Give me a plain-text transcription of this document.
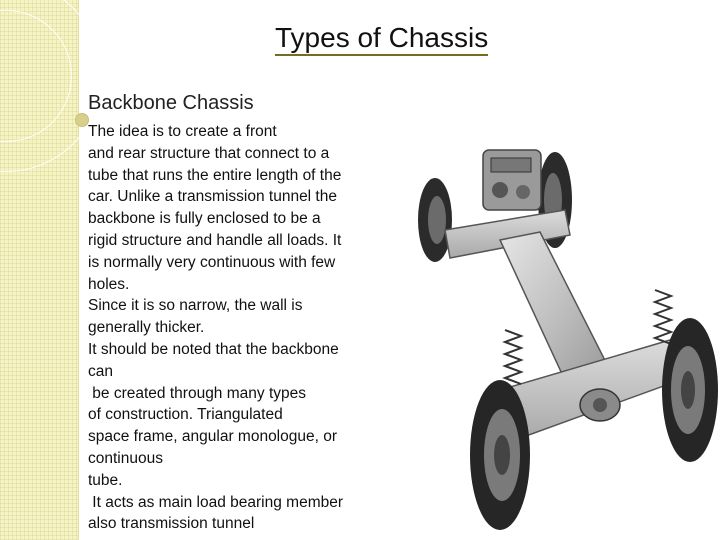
Types of Chassis
Backbone Chassis
The idea is to create a front
and rear structure that connect to a
tube that runs the entire length of the
car. Unlike a transmission tunnel the
backbone is fully enclosed to be a
rigid structure and handle all loads. It
is normally very continuous with few
holes.
Since it is so narrow, the wall is
generally thicker.
It should be noted that the backbone
can
be created through many types
of construction. Triangulated
space frame, angular monologue, or
continuous
tube.
It acts as main load bearing member
also transmission tunnel
